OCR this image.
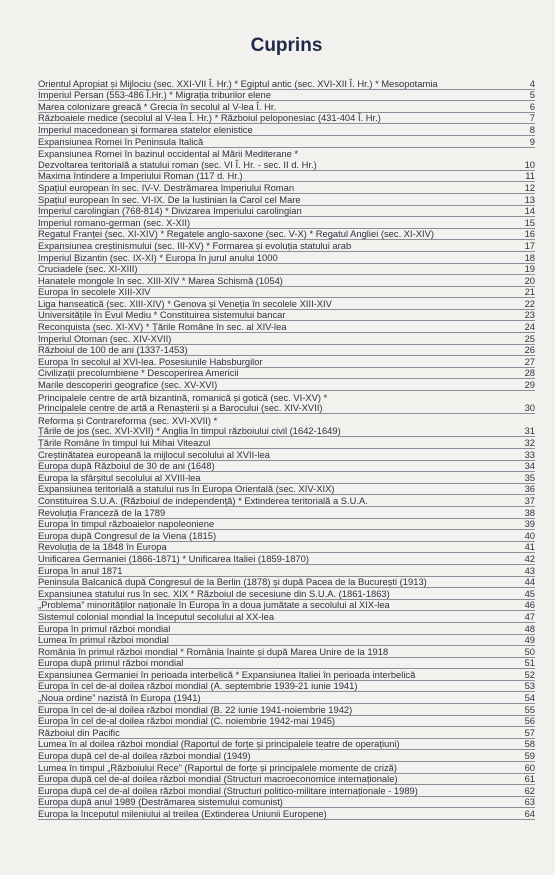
Cuprins
Orientul Apropiat și Mijlociu (sec. XXI-VII Î. Hr.) * Egiptul antic (sec. XVI-XII Î. Hr.) * Mesopotamia	4
Imperiul Persan (553-486 Î.Hr.) * Migrația triburilor elene	5
Marea colonizare greacă * Grecia în secolul al V-lea Î. Hr.	6
Războaiele medice (secolul al V-lea Î. Hr.) * Războiul peloponesiac (431-404 Î. Hr.)	7
Imperiul macedonean și formarea statelor elenistice	8
Expansiunea Romei în Peninsula Italică	9
Expansiunea Romei în bazinul occidental al Mării Mediterane *
Dezvoltarea teritorială a statului roman (sec. VI Î. Hr. - sec. II d. Hr.)	10
Maxima întindere a Imperiului Roman (117 d. Hr.)	11
Spațiul european în sec. IV-V. Destrămarea Imperiului Roman	12
Spațiul european în sec. VI-IX. De la Iustinian la Carol cel Mare	13
Imperiul carolingian (768-814) * Divizarea Imperiului carolingian	14
Imperiul romano-german (sec. X-XII)	15
Regatul Franței (sec. XI-XIV) * Regatele anglo-saxone (sec. V-X) * Regatul Angliei (sec. XI-XIV)	16
Expansiunea creștinismului (sec. III-XV) * Formarea și evoluția statului arab	17
Imperiul Bizantin (sec. IX-XI) * Europa în jurul anului 1000	18
Cruciadele (sec. XI-XIII)	19
Hanatele mongole în sec. XIII-XIV * Marea Schismă (1054)	20
Europa în secolele XIII-XIV	21
Liga hanseatică (sec. XIII-XIV) * Genova și Veneția în secolele XIII-XIV	22
Universitățile în Evul Mediu * Constituirea sistemului bancar	23
Reconquista (sec. XI-XV) * Țările Române în sec. al XIV-lea	24
Imperiul Otoman (sec. XIV-XVII)	25
Războiul de 100 de ani (1337-1453)	26
Europa în secolul al XVI-lea. Posesiunile Habsburgilor	27
Civilizații precolumbiene * Descoperirea Americii	28
Marile descoperiri geografice (sec. XV-XVI)	29
Principalele centre de artă bizantină, romanică și gotică (sec. VI-XV) *
Principalele centre de artă a Renașterii și a Barocului (sec. XIV-XVII)	30
Reforma și Contrareforma (sec. XVI-XVII) *
Țările de jos (sec. XVI-XVII) * Anglia în timpul războiului civil (1642-1649)	31
Țările Române în timpul lui Mihai Viteazul	32
Creștinătatea europeană la mijlocul secolului al XVII-lea	33
Europa după Războiul de 30 de ani (1648)	34
Europa la sfârșitul secolului al XVIII-lea	35
Expansiunea teritorială a statului rus în Europa Orientală (sec. XIV-XIX)	36
Constituirea S.U.A. (Războiul de independență) * Extinderea teritorială a S.U.A.	37
Revoluția Franceză de la 1789	38
Europa în timpul războaielor napoleoniene	39
Europa după Congresul de la Viena (1815)	40
Revoluția de la 1848 în Europa	41
Unificarea Germaniei (1866-1871) * Unificarea Italiei (1859-1870)	42
Europa în anul 1871	43
Peninsula Balcanică după Congresul de la Berlin (1878) și după Pacea de la București (1913)	44
Expansiunea statului rus în sec. XIX * Războiul de secesiune din S.U.A. (1861-1863)	45
„Problema” minorităților naționale în Europa în a doua jumătate a secolului al XIX-lea	46
Sistemul colonial mondial la începutul secolului al XX-lea	47
Europa în primul război mondial	48
Lumea în primul război mondial	49
România în primul război mondial * România înainte și după Marea Unire de la 1918	50
Europa după primul război mondial	51
Expansiunea Germaniei în perioada interbelică * Expansiunea Italiei în perioada interbelică	52
Europa în cel de-al doilea război mondial (A. septembrie 1939-21 iunie 1941)	53
„Noua ordine” nazistă în Europa (1941)	54
Europa în cel de-al doilea război mondial (B. 22 iunie 1941-noiembrie 1942)	55
Europa în cel de-al doilea război mondial (C. noiembrie 1942-mai 1945)	56
Războiul din Pacific	57
Lumea în al doilea război mondial (Raportul de forțe și principalele teatre de operațiuni)	58
Europa după cel de-al doilea război mondial (1949)	59
Lumea în timpul „Războiului Rece” (Raportul de forțe și principalele momente de criză)	60
Europa după cel de-al doilea război mondial (Structuri macroeconomice internaționale)	61
Europa după cel de-al doilea război mondial (Structuri politico-militare internaționale - 1989)	62
Europa după anul 1989 (Destrămarea sistemului comunist)	63
Europa la începutul mileniului al treilea (Extinderea Uniunii Europene)	64
